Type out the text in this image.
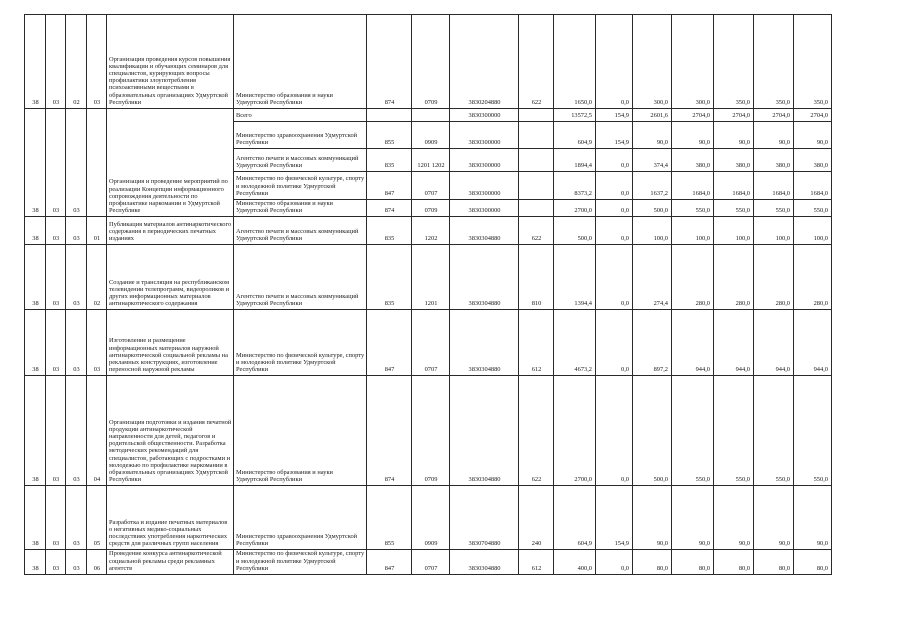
38	03	02	03	Организация проведения курсов повышения квалификации и обучающих семинаров для специалистов, курирующих вопросы профилактики злоупотребления психоактивными веществами в образовательных организациях Удмуртской Республики	Министерство образования и науки Удмуртской Республики	874	0709	3830204880	622	1650,0	0,0	300,0	300,0	350,0	350,0	350,0
38	03	03		Организация и проведение мероприятий по реализации Концепции информационного сопровождения деятельности по профилактике наркомании в Удмуртской Республике	Всего			3830300000		13572,5	154,9	2601,6	2704,0	2704,0	2704,0	2704,0
					Министерство здравоохранения Удмуртской Республики	855	0909	3830300000		604,9	154,9	90,0	90,0	90,0	90,0	90,0
					Агентство печати и массовых коммуникаций Удмуртской Республики	835	1201 1202	3830300000		1894,4	0,0	374,4	380,0	380,0	380,0	380,0
					Министерство по физической культуре, спорту и молодежной политике Удмуртской Республики	847	0707	3830300000		8373,2	0,0	1637,2	1684,0	1684,0	1684,0	1684,0
					Министерство образования и науки Удмуртской Республики	874	0709	3830300000		2700,0	0,0	500,0	550,0	550,0	550,0	550,0
38	03	03	01	Публикация материалов антинаркотического содержания в периодических печатных изданиях	Агентство печати и массовых коммуникаций Удмуртской Республики	835	1202	3830304880	622	500,0	0,0	100,0	100,0	100,0	100,0	100,0
38	03	03	02	Создание и трансляция на республиканском телевидении телепрограмм, видеороликов и других информационных материалов антинаркотического содержания	Агентство печати и массовых коммуникаций Удмуртской Республики	835	1201	3830304880	810	1394,4	0,0	274,4	280,0	280,0	280,0	280,0
38	03	03	03	Изготовление и размещение информационных материалов наружной антинаркотической социальной рекламы на рекламных конструкциях, изготовление переносной наружной рекламы	Министерство по физической культуре, спорту и молодежной политике Удмуртской Республики	847	0707	3830304880	612	4673,2	0,0	897,2	944,0	944,0	944,0	944,0
38	03	03	04	Организация подготовки и издания печатной продукции антинаркотической направленности для детей, педагогов и родительской общественности. Разработка методических рекомендаций для специалистов, работающих с подростками и молодежью по профилактике наркомании в образовательных организациях Удмуртской Республики	Министерство образования и науки Удмуртской Республики	874	0709	3830304880	622	2700,0	0,0	500,0	550,0	550,0	550,0	550,0
38	03	03	05	Разработка и издание печатных материалов о негативных медико-социальных последствиях употребления наркотических средств для различных групп населения	Министерство здравоохранения Удмуртской Республики	855	0909	3830704880	240	604,9	154,9	90,0	90,0	90,0	90,0	90,0
38	03	03	06	Проведение конкурса антинаркотической социальной рекламы среди рекламных агентств	Министерство по физической культуре, спорту и молодежной политике Удмуртской Республики	847	0707	3830304880	612	400,0	0,0	80,0	80,0	80,0	80,0	80,0
